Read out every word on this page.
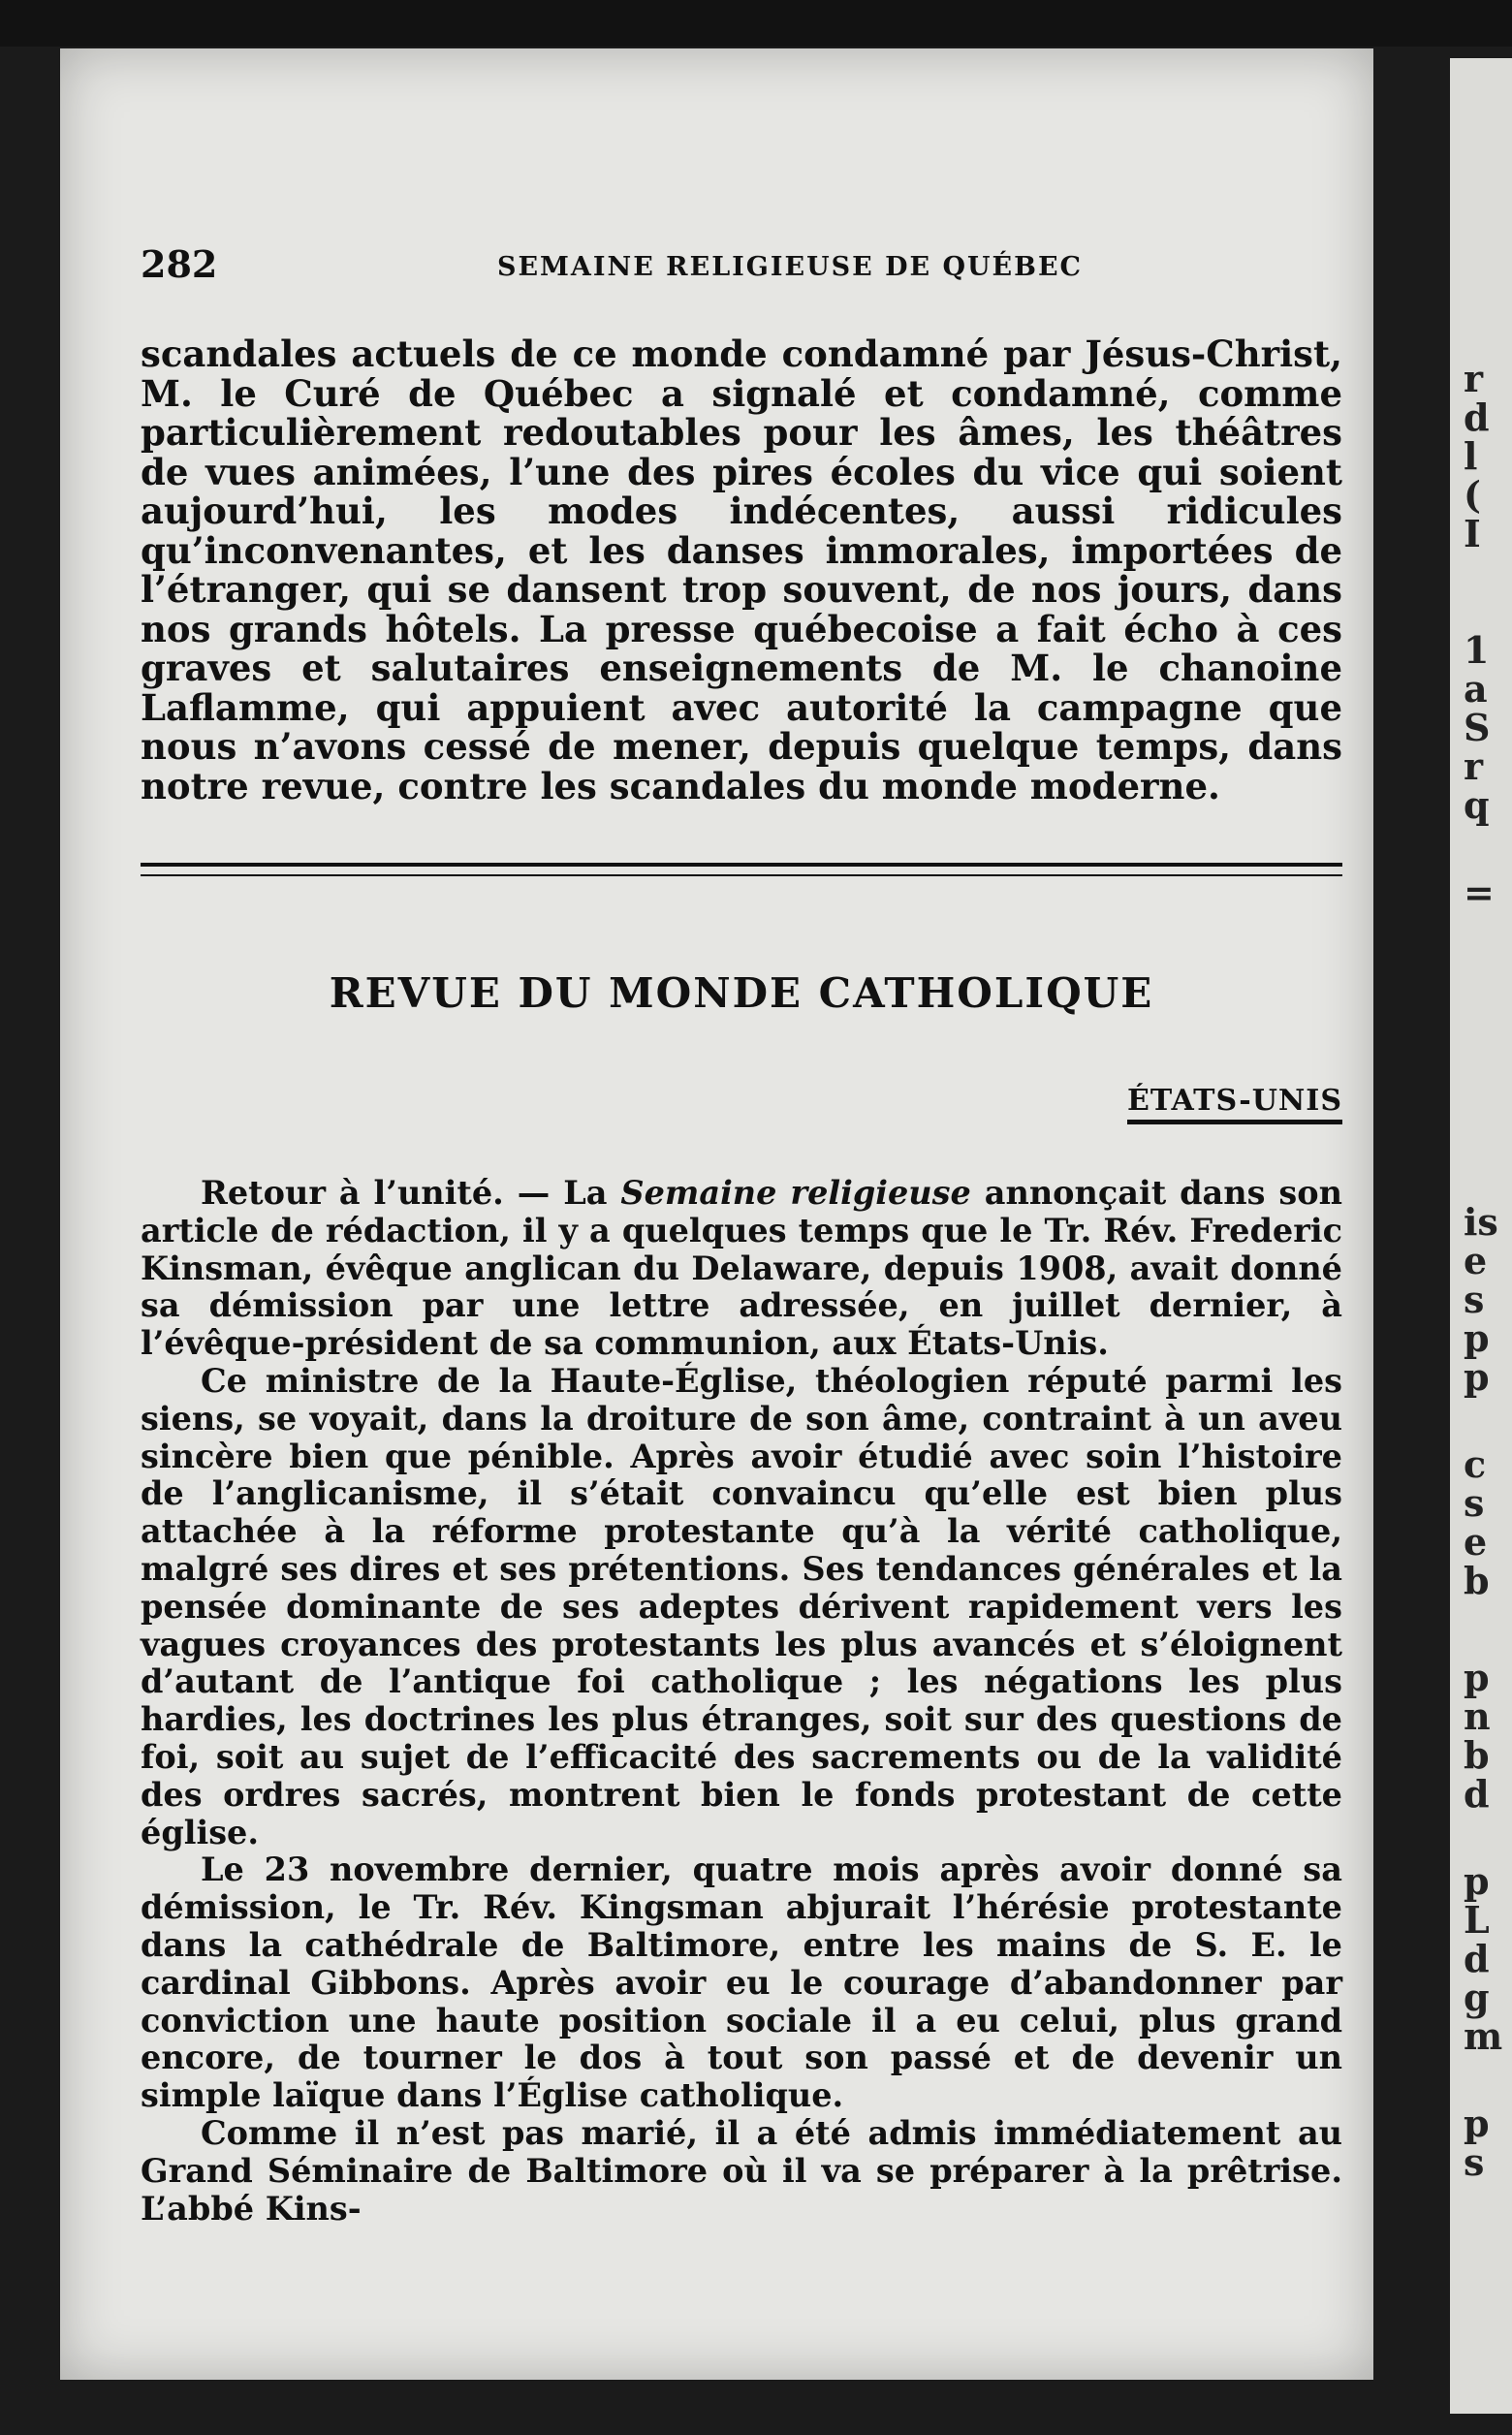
r
d
l
(
I
1
a
S
r
q
=
is
e
s
p
p
c
s
e
b
p
n
b
d
p
L
d
g
m
p
s
282	SEMAINE RELIGIEUSE DE QUÉBEC
scandales actuels de ce monde condamné par Jésus-Christ, M. le Curé de Québec a signalé et condamné, comme particulièrement redoutables pour les âmes, les théâtres de vues animées, l’une des pires écoles du vice qui soient aujourd’hui, les modes indécentes, aussi ridicules qu’inconvenantes, et les danses immorales, importées de l’étranger, qui se dansent trop souvent, de nos jours, dans nos grands hôtels. La presse québecoise a fait écho à ces graves et salutaires enseignements de M. le chanoine Laflamme, qui appuient avec autorité la campagne que nous n’avons cessé de mener, depuis quelque temps, dans notre revue, contre les scandales du monde moderne.
REVUE DU MONDE CATHOLIQUE
ÉTATS-UNIS

Retour à l’unité. — La Semaine religieuse annonçait dans son article de rédaction, il y a quelques temps que le Tr. Rév. Frederic Kinsman, évêque anglican du Delaware, depuis 1908, avait donné sa démission par une lettre adressée, en juillet dernier, à l’évêque-président de sa communion, aux États-Unis.

Ce ministre de la Haute-Église, théologien réputé parmi les siens, se voyait, dans la droiture de son âme, contraint à un aveu sincère bien que pénible. Après avoir étudié avec soin l’histoire de l’anglicanisme, il s’était convaincu qu’elle est bien plus attachée à la réforme protestante qu’à la vérité catholique, malgré ses dires et ses prétentions. Ses tendances générales et la pensée dominante de ses adeptes dérivent rapidement vers les vagues croyances des protestants les plus avancés et s’éloignent d’autant de l’antique foi catholique ; les négations les plus hardies, les doctrines les plus étranges, soit sur des questions de foi, soit au sujet de l’efficacité des sacrements ou de la validité des ordres sacrés, montrent bien le fonds protestant de cette église.

Le 23 novembre dernier, quatre mois après avoir donné sa démission, le Tr. Rév. Kingsman abjurait l’hérésie protestante dans la cathédrale de Baltimore, entre les mains de S. E. le cardinal Gibbons. Après avoir eu le courage d’abandonner par conviction une haute position sociale il a eu celui, plus grand encore, de tourner le dos à tout son passé et de devenir un simple laïque dans l’Église catholique.

Comme il n’est pas marié, il a été admis immédiatement au Grand Séminaire de Baltimore où il va se préparer à la prêtrise. L’abbé Kins-
